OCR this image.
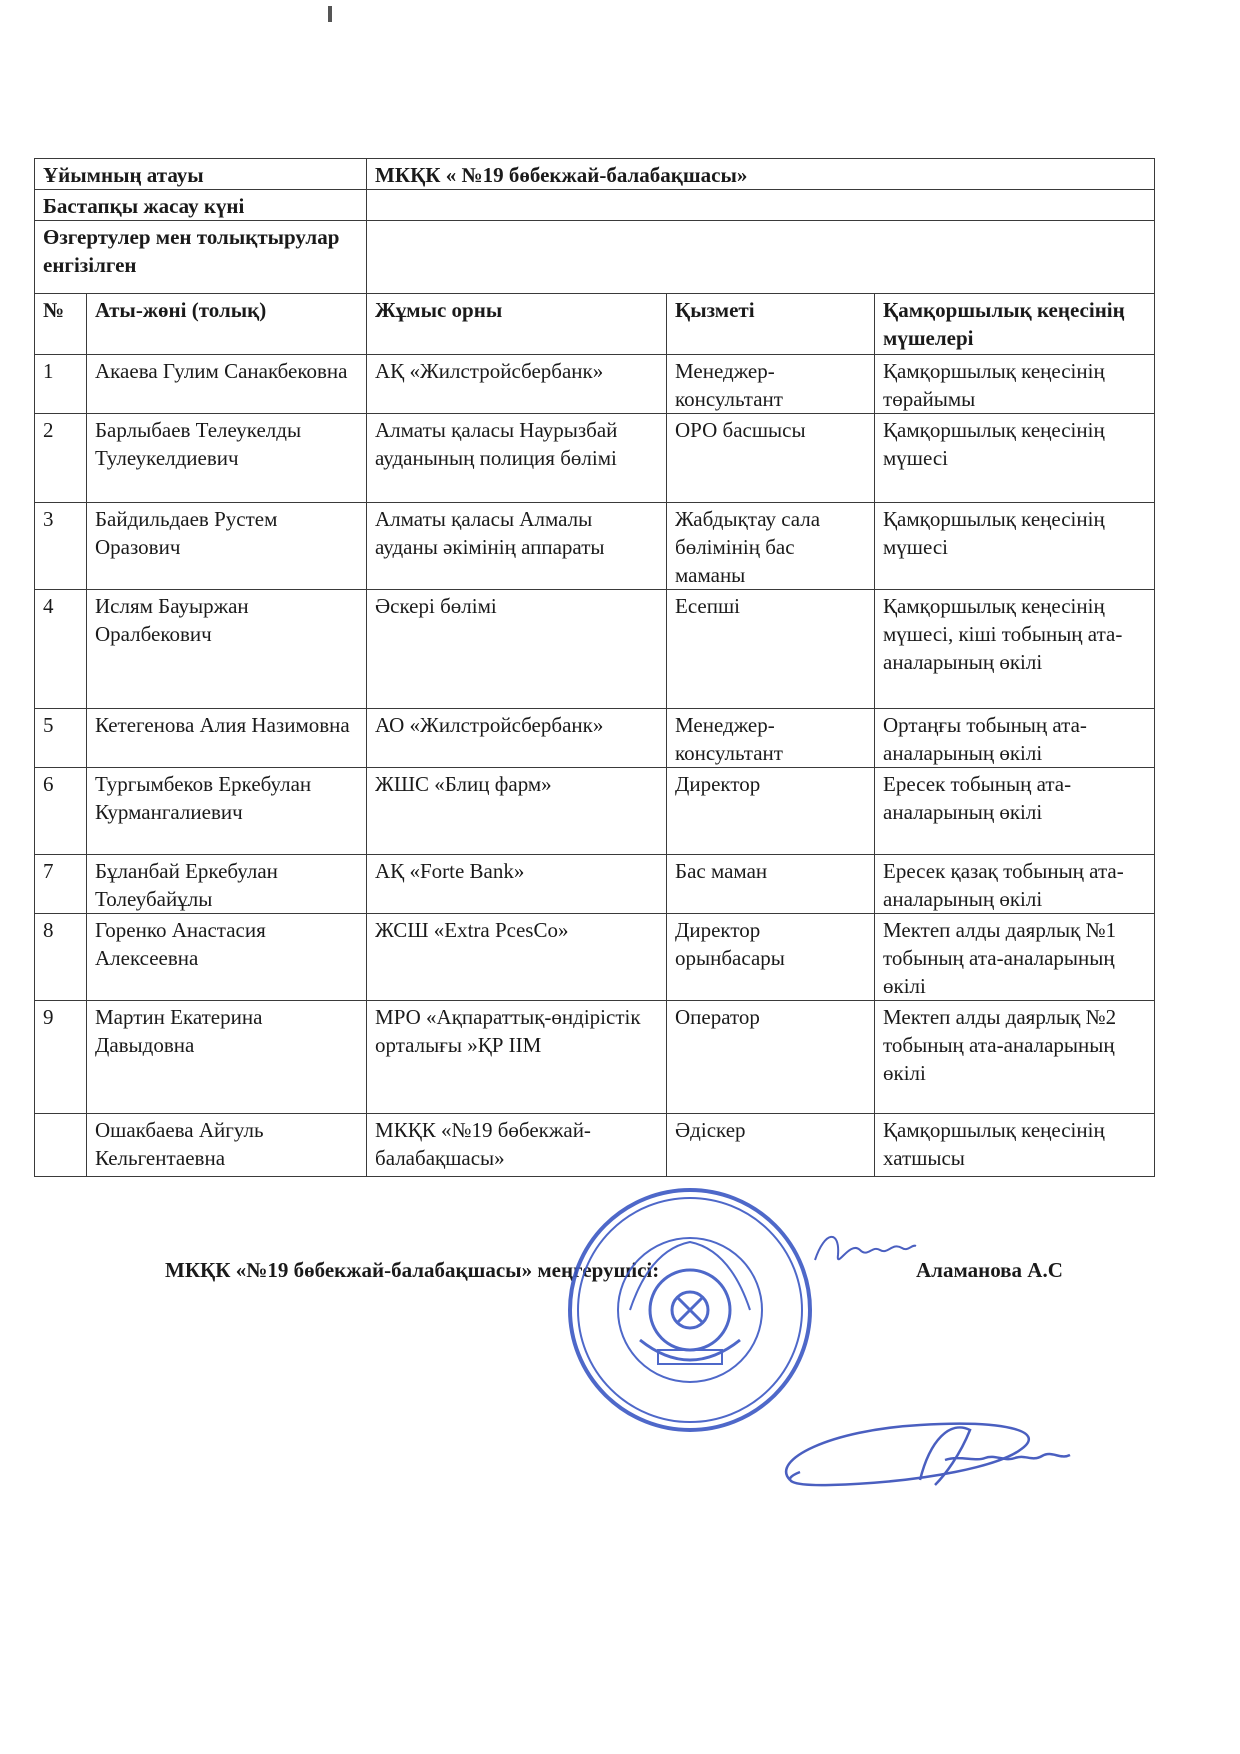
Ұйымның атауы		МКҚК « №19 бөбекжай-балабақшасы»		
Бастапқы жасау күні				
Өзгертулер мен толықтырулар енгізілген				
№	Аты-жөні (толық)	Жұмыс орны	Қызметі	Қамқоршылық кеңесінің мүшелері
1	Акаева Гулим Санакбековна	АҚ «Жилстройсбербанк»	Менеджер-консультант	Қамқоршылық кеңесінің төрайымы
2	Барлыбаев Телеукелды Тулеукелдиевич	Алматы қаласы Наурызбай ауданының полиция бөлімі	ОРО басшысы	Қамқоршылық кеңесінің мүшесі
3	Байдильдаев Рустем Оразович	Алматы қаласы Алмалы ауданы әкімінің аппараты	Жабдықтау сала бөлімінің бас маманы	Қамқоршылық кеңесінің мүшесі
4	Ислям Бауыржан Оралбекович	Әскері бөлімі	Есепші	Қамқоршылық кеңесінің мүшесі, кіші тобының ата-аналарының өкілі
5	Кетегенова Алия Назимовна	АО «Жилстройсбербанк»	Менеджер-консультант	Ортаңғы тобының ата-аналарының өкілі
6	Тургымбеков Еркебулан Курмангалиевич	ЖШС «Блиц фарм»	Директор	Ересек тобының ата-аналарының өкілі
7	Бұланбай Еркебулан Толеубайұлы	АҚ «Forte Bank»	Бас маман	Ересек қазақ тобының ата-аналарының өкілі
8	Горенко Анастасия Алексеевна	ЖСШ «Extra PcesCo»	Директор орынбасары	Мектеп алды даярлық №1 тобының ата-аналарының өкілі
9	Мартин Екатерина Давыдовна	МРО «Ақпараттық-өндірістік орталығы »ҚР ІІМ	Оператор	Мектеп алды даярлық №2 тобының ата-аналарының өкілі
	Ошакбаева Айгуль Кельгентаевна	МКҚК «№19 бөбекжай-балабақшасы»	Әдіскер	Қамқоршылық кеңесінің хатшысы
МКҚК «№19 бөбекжай-балабақшасы» меңгерушісі:	Аламанова А.С
